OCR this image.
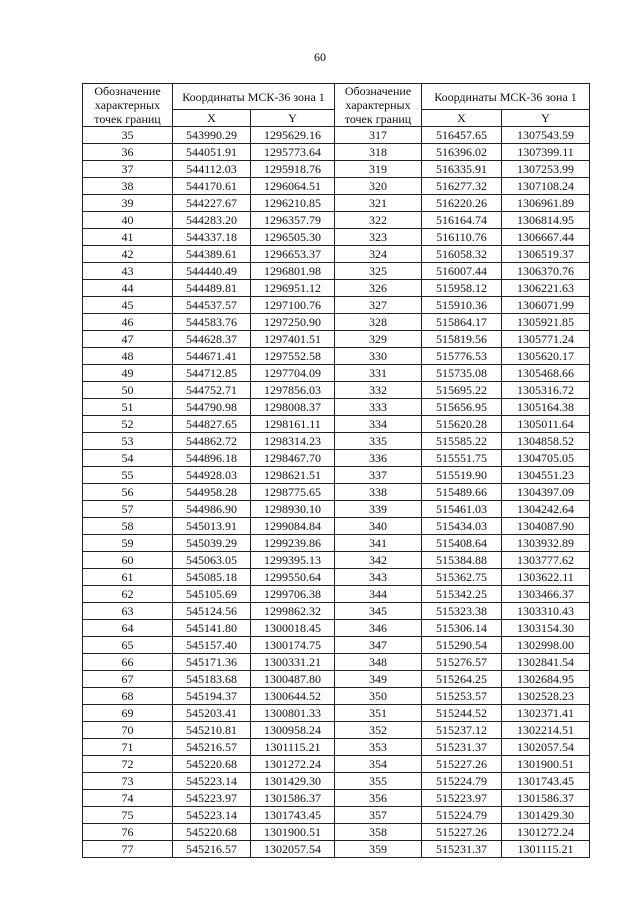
60
Обозначение характерных точек границ	Координаты МСК-36 зона 1		Обозначение характерных точек границ	Координаты МСК-36 зона 1	
	X	Y		X	Y
35	543990.29	1295629.16	317	516457.65	1307543.59
36	544051.91	1295773.64	318	516396.02	1307399.11
37	544112.03	1295918.76	319	516335.91	1307253.99
38	544170.61	1296064.51	320	516277.32	1307108.24
39	544227.67	1296210.85	321	516220.26	1306961.89
40	544283.20	1296357.79	322	516164.74	1306814.95
41	544337.18	1296505.30	323	516110.76	1306667.44
42	544389.61	1296653.37	324	516058.32	1306519.37
43	544440.49	1296801.98	325	516007.44	1306370.76
44	544489.81	1296951.12	326	515958.12	1306221.63
45	544537.57	1297100.76	327	515910.36	1306071.99
46	544583.76	1297250.90	328	515864.17	1305921.85
47	544628.37	1297401.51	329	515819.56	1305771.24
48	544671.41	1297552.58	330	515776.53	1305620.17
49	544712.85	1297704.09	331	515735.08	1305468.66
50	544752.71	1297856.03	332	515695.22	1305316.72
51	544790.98	1298008.37	333	515656.95	1305164.38
52	544827.65	1298161.11	334	515620.28	1305011.64
53	544862.72	1298314.23	335	515585.22	1304858.52
54	544896.18	1298467.70	336	515551.75	1304705.05
55	544928.03	1298621.51	337	515519.90	1304551.23
56	544958.28	1298775.65	338	515489.66	1304397.09
57	544986.90	1298930.10	339	515461.03	1304242.64
58	545013.91	1299084.84	340	515434.03	1304087.90
59	545039.29	1299239.86	341	515408.64	1303932.89
60	545063.05	1299395.13	342	515384.88	1303777.62
61	545085.18	1299550.64	343	515362.75	1303622.11
62	545105.69	1299706.38	344	515342.25	1303466.37
63	545124.56	1299862.32	345	515323.38	1303310.43
64	545141.80	1300018.45	346	515306.14	1303154.30
65	545157.40	1300174.75	347	515290.54	1302998.00
66	545171.36	1300331.21	348	515276.57	1302841.54
67	545183.68	1300487.80	349	515264.25	1302684.95
68	545194.37	1300644.52	350	515253.57	1302528.23
69	545203.41	1300801.33	351	515244.52	1302371.41
70	545210.81	1300958.24	352	515237.12	1302214.51
71	545216.57	1301115.21	353	515231.37	1302057.54
72	545220.68	1301272.24	354	515227.26	1301900.51
73	545223.14	1301429.30	355	515224.79	1301743.45
74	545223.97	1301586.37	356	515223.97	1301586.37
75	545223.14	1301743.45	357	515224.79	1301429.30
76	545220.68	1301900.51	358	515227.26	1301272.24
77	545216.57	1302057.54	359	515231.37	1301115.21
